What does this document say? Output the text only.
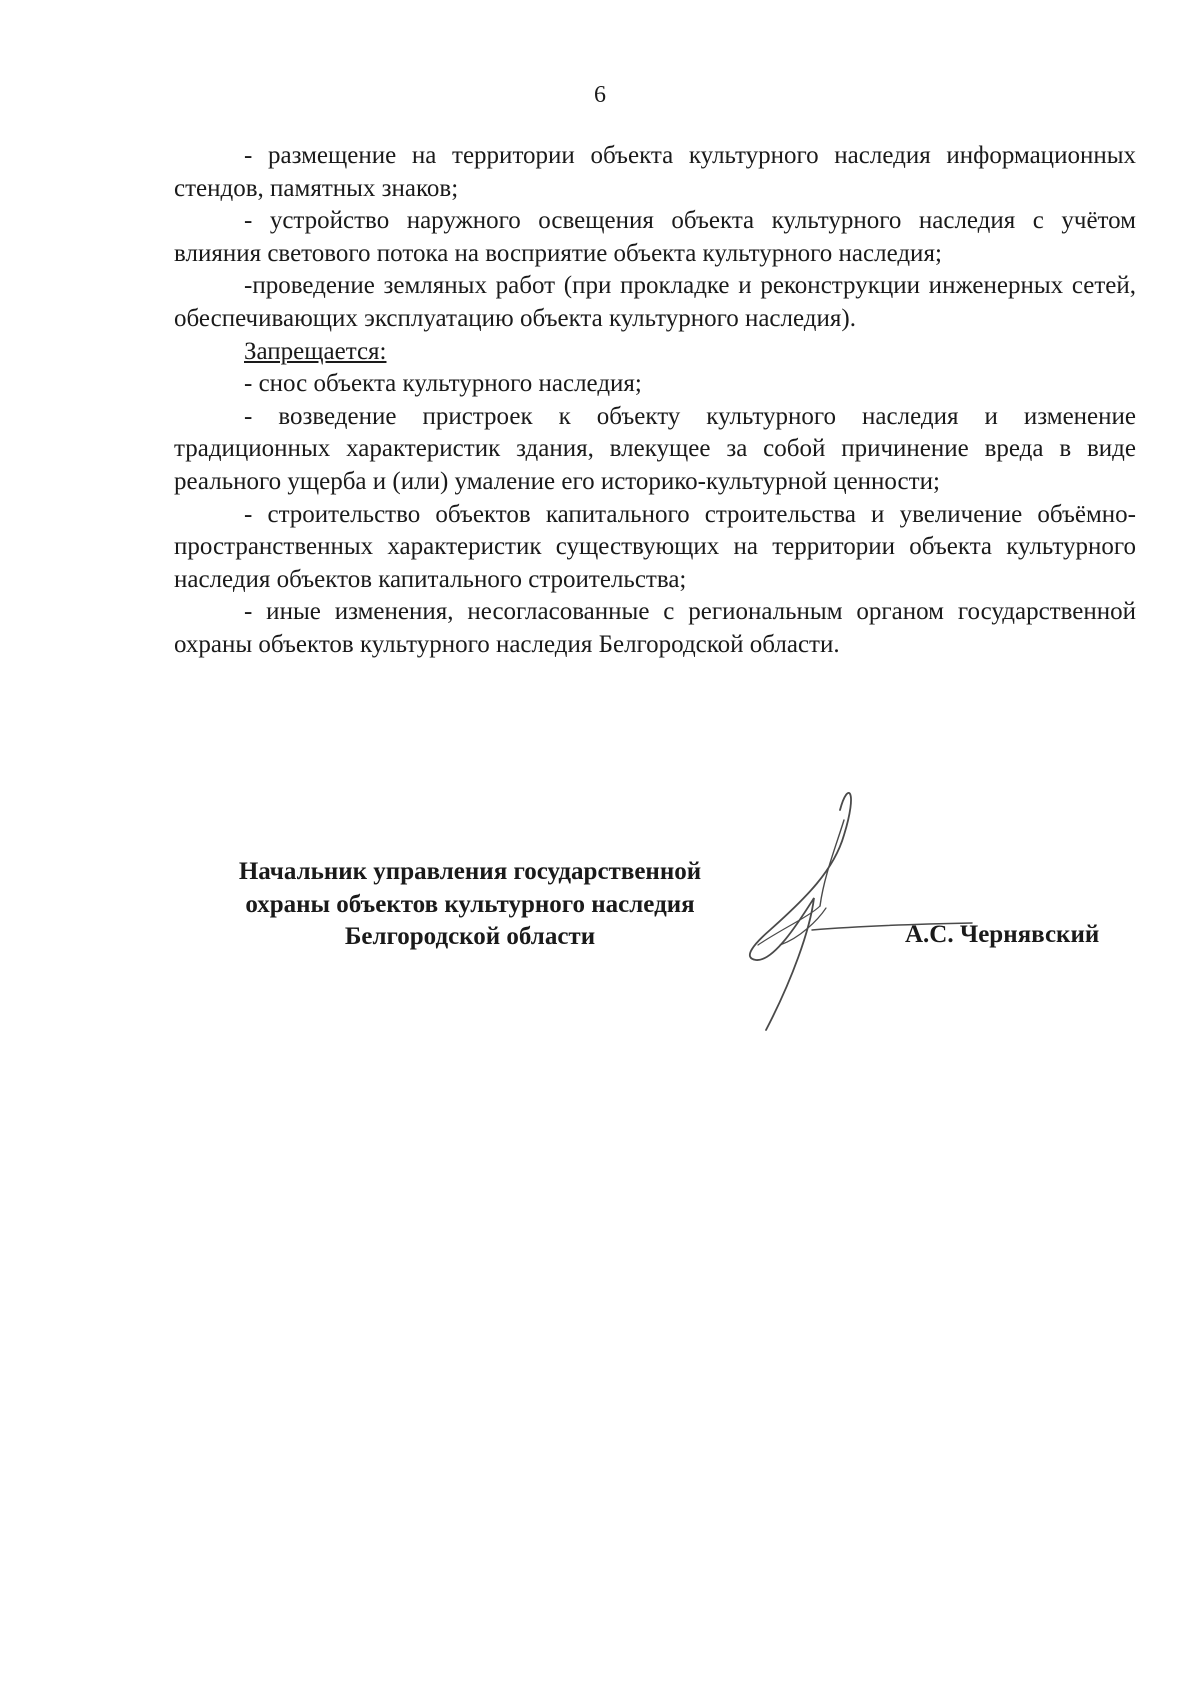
6

- размещение на территории объекта культурного наследия информационных стендов, памятных знаков;

- устройство наружного освещения объекта культурного наследия с учётом влияния светового потока на восприятие объекта культурного наследия;

-проведение земляных работ (при прокладке и реконструкции инженерных сетей, обеспечивающих эксплуатацию объекта культурного наследия).

Запрещается:

- снос объекта культурного наследия;

- возведение пристроек к объекту культурного наследия и изменение традиционных характеристик здания, влекущее за собой причинение вреда в виде реального ущерба и (или) умаление его историко-культурной ценности;

- строительство объектов капитального строительства и увеличение объёмно-пространственных характеристик существующих на территории объекта культурного наследия объектов капитального строительства;

- иные изменения, несогласованные с региональным органом государственной охраны объектов культурного наследия Белгородской области.

Начальник управления государственной
охраны объектов культурного наследия
Белгородской области	А.С. Чернявский
